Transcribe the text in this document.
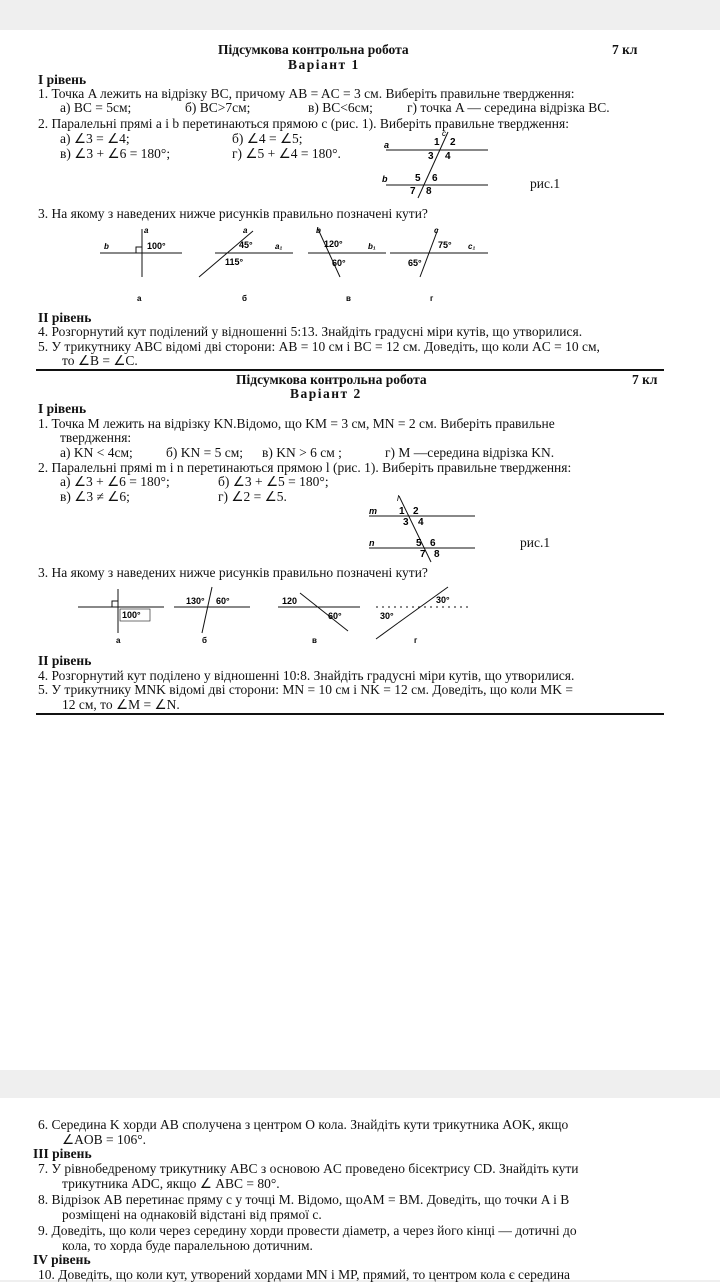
Підсумкова контрольна робота	7 кл
Варіант 1
І рівень
1. Точка A лежить на відрізку BC, причому AB = AC = 3 см. Виберіть правильне твердження:
а) BC = 5см;	б) BC>7см;	в) BC<6см;	г) точка A — середина відрізка BC.
2. Паралельні прямі a і b перетинаються прямою c (рис. 1). Виберіть правильне твердження:
а) ∠3 = ∠4;	б) ∠4 = ∠5;
в) ∠3 + ∠6 = 180°;	г) ∠5 + ∠4 = 180°.
a
b
c
1 2
3 4
5 6
7 8
рис.1
3. На якому з наведених нижче рисунків правильно позначені кути?
b
a
100°
а
a
a₁
45°
115°
б
b
b₁
120°
60°
в
c
c₁
75°
65°
г
ІІ рівень
4. Розгорнутий кут поділений у відношенні 5:13. Знайдіть градусні міри кутів, що утворилися.
5. У трикутнику ABC відомі дві сторони: AB = 10 см і BC = 12 см. Доведіть, що коли AC = 10 см,
то ∠B = ∠C.
Підсумкова контрольна робота	7 кл
Варіант 2
І рівень
1. Точка M лежить на відрізку KN.Відомо, що KM = 3 см, MN = 2 см. Виберіть правильне
твердження:
а) KN < 4см; б) KN = 5 см; в) KN > 6 см ;	г) M —середина відрізка KN.
2. Паралельні прямі m і n перетинаються прямою l (рис. 1). Виберіть правильне твердження:
а) ∠3 + ∠6 = 180°;	б) ∠3 + ∠5 = 180°;
в) ∠3 ≠ ∠6;	г) ∠2 = ∠5.
m
n
l
1 2
3 4
5 6
7 8
рис.1
3. На якому з наведених нижче рисунків правильно позначені кути?
100°
а
130° 60°
б
120
60°
в
30°
30°
г
ІІ рівень
4. Розгорнутий кут поділено у відношенні 10:8. Знайдіть градусні міри кутів, що утворилися.
5. У трикутнику MNK відомі дві сторони: MN = 10 см і NK = 12 см. Доведіть, що коли MK =
12 см, то ∠M = ∠N.
6. Середина K хорди AB сполучена з центром O кола. Знайдіть кути трикутника AOK, якщо
∠AOB = 106°.
ІІІ рівень
7. У рівнобедреному трикутнику ABC з основою AC проведено бісектрису CD. Знайдіть кути
трикутника ADC, якщо ∠ ABC = 80°.
8. Відрізок AB перетинає пряму c у точці M. Відомо, щоAM = BM. Доведіть, що точки A і B
розміщені на однаковій відстані від прямої c.
9. Доведіть, що коли через середину хорди провести діаметр, а через його кінці — дотичні до
кола, то хорда буде паралельною дотичним.
IV рівень
10. Доведіть, що коли кут, утворений хордами MN і MP, прямий, то центром кола є середина
